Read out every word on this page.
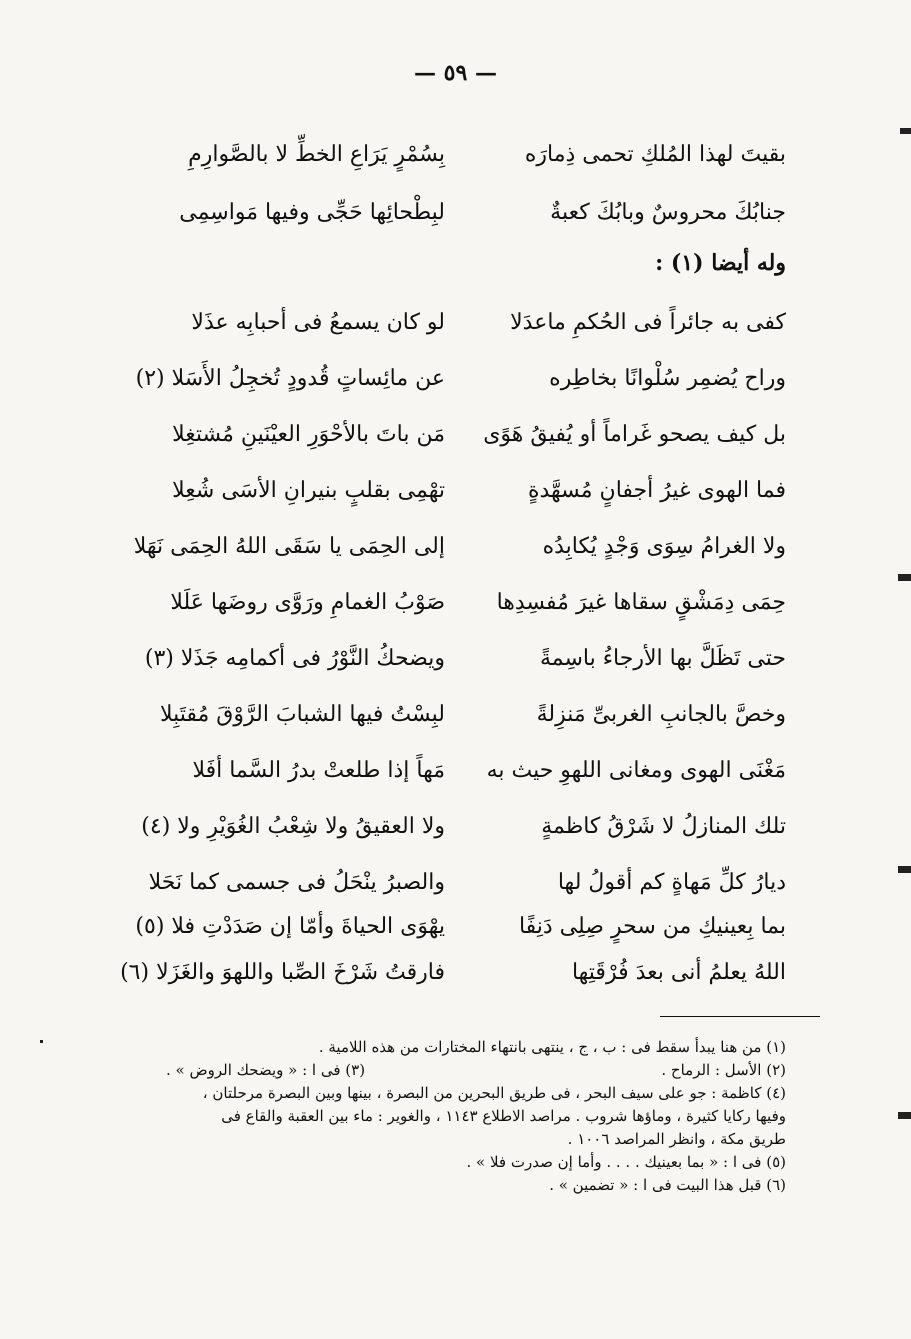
— ٥٩ —
بقيتَ لهذا المُلكِ تحمى ذِمارَه
بِسُمْرٍ يَرَاعِ الخطِّ لا بالصَّوارِمِ
جنابُكَ محروسٌ وبابُكَ كعبةٌ
لبِطْحائِها حَجِّى وفيها مَواسِمِى
وله أيضا (١) :
كفى به جائراً فى الحُكمِ ماعدَلا
لو كان يسمعُ فى أحبابِه عذَلا
وراح يُضمِر سُلْوانًا بخاطِره
عن مائِساتٍ قُدودٍ تُخجِلُ الأَسَلا (٢)
بل كيف يصحو غَراماً أو يُفيقُ هَوًى
مَن باتَ بالأحْوَرِ العيْنَينِ مُشتغِلا
فما الهوى غيرُ أجفانٍ مُسهَّدةٍ
تهْمِى بقلبٍ بنيرانِ الأسَى شُعِلا
ولا الغرامُ سِوَى وَجْدٍ يُكابِدُه
إلى الحِمَى يا سَقَى اللهُ الحِمَى نَهَلا
حِمَى دِمَشْقٍ سقاها غيرَ مُفسِدِها
صَوْبُ الغمامِ ورَوَّى روضَها عَلَلا
حتى تَظَلَّ بها الأرجاءُ باسِمةً
ويضحكُ النَّوْرُ فى أكمامِه جَذَلا (٣)
وخصَّ بالجانبِ الغربىِّ مَنزِلةً
لبِسْتُ فيها الشبابَ الرَّوْقَ مُقتَبِلا
مَغْنَى الهوى ومغانى اللهوِ حيث به
مَهاً إذا طلعتْ بدرُ السَّما أفَلا
تلك المنازلُ لا شَرْقُ كاظمةٍ
ولا العقيقُ ولا شِعْبُ الغُوَيْرِ ولا (٤)
ديارُ كلِّ مَهاةٍ كم أقولُ لها
والصبرُ ينْحَلُ فى جسمى كما نَحَلا
بما بِعينيكِ من سحرٍ صِلِى دَنِفًا
يهْوَى الحياةَ وأمّا إن صَدَدْتِ فلا (٥)
اللهُ يعلمُ أنى بعدَ فُرْقَتِها
فارقتُ شَرْخَ الصِّبا واللهوَ والغَزَلا (٦)
(١) من هنا يبدأ سقط فى : ب ، ج ، ينتهى بانتهاء المختارات من هذه اللامية .
(٢) الأسل : الرماح .
(٣) فى ا : « ويضحك الروض » .
(٤) كاظمة : جو على سيف البحر ، فى طريق البحرين من البصرة ، بينها وبين البصرة مرحلتان ،
وفيها ركايا كثيرة ، وماؤها شروب . مراصد الاطلاع ١١٤٣ ، والغوير : ماء بين العقبة والقاع فى
طريق مكة ، وانظر المراصد ١٠٠٦ .
(٥) فى ا : « بما بعينيك . . . . وأما إن صدرت فلا » .
(٦) قبل هذا البيت فى ا : « تضمين » .
